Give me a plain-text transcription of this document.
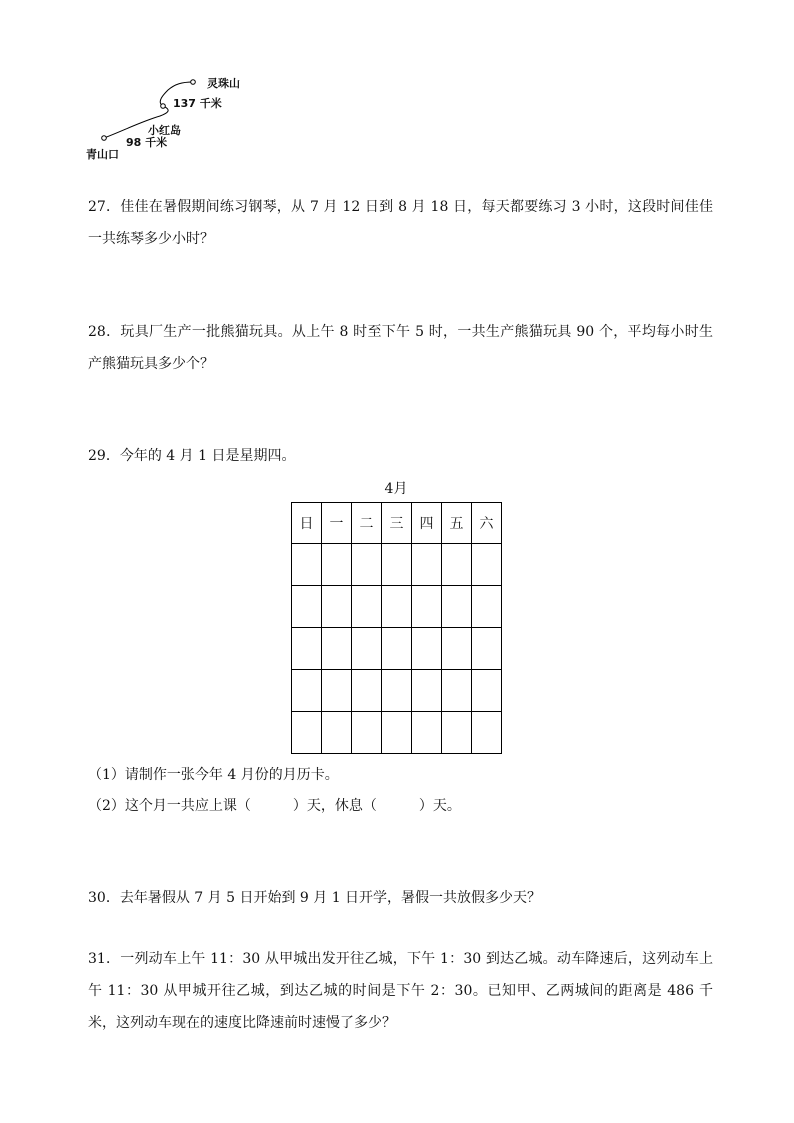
灵珠山
137 千米
小红岛
98 千米
青山口

27．佳佳在暑假期间练习钢琴，从 7 月 12 日到 8 月 18 日，每天都要练习 3 小时，这段时间佳佳一共练琴多少小时？

28．玩具厂生产一批熊猫玩具。从上午 8 时至下午 5 时，一共生产熊猫玩具 90 个，平均每小时生产熊猫玩具多少个？

29．今年的 4 月 1 日是星期四。

4月
日	一	二	三	四	五	六

（1）请制作一张今年 4 月份的月历卡。
（2）这个月一共应上课（　　　）天，休息（　　　）天。

30．去年暑假从 7 月 5 日开始到 9 月 1 日开学，暑假一共放假多少天？

31．一列动车上午 11：30 从甲城出发开往乙城，下午 1：30 到达乙城。动车降速后，这列动车上午 11：30 从甲城开往乙城，到达乙城的时间是下午 2：30。已知甲、乙两城间的距离是 486 千米，这列动车现在的速度比降速前时速慢了多少？
